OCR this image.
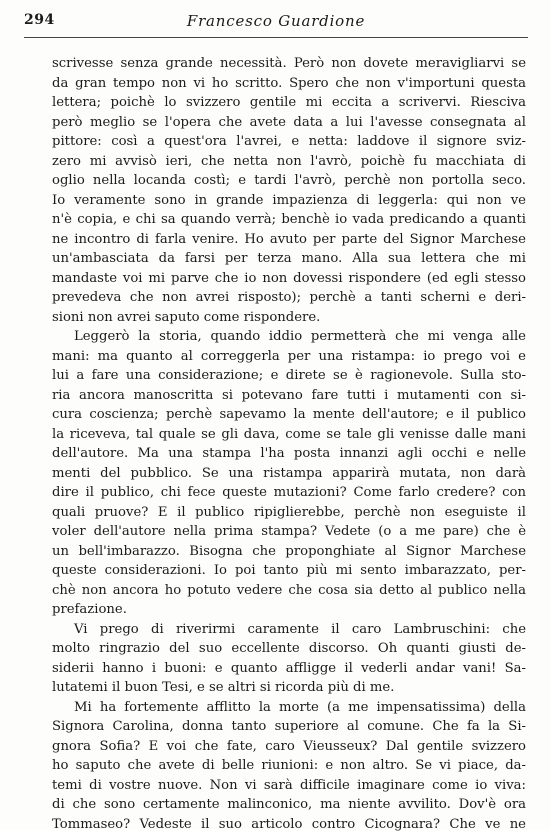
294	Francesco Guardione
scrivesse senza grande necessità. Però non dovete meravigliarvi se
da gran tempo non vi ho scritto. Spero che non v'importuni questa
lettera; poichè lo svizzero gentile mi eccita a scrivervi. Riesciva
però meglio se l'opera che avete data a lui l'avesse consegnata al
pittore: così a quest'ora l'avrei, e netta: laddove il signore sviz-
zero mi avvisò ieri, che netta non l'avrò, poichè fu macchiata di
oglio nella locanda costì; e tardi l'avrò, perchè non portolla seco.
Io veramente sono in grande impazienza di leggerla: qui non ve
n'è copia, e chi sa quando verrà; benchè io vada predicando a quanti
ne incontro di farla venire. Ho avuto per parte del Signor Marchese
un'ambasciata da farsi per terza mano. Alla sua lettera che mi
mandaste voi mi parve che io non dovessi rispondere (ed egli stesso
prevedeva che non avrei risposto); perchè a tanti scherni e deri-
sioni non avrei saputo come rispondere.
Leggerò la storia, quando iddio permetterà che mi venga alle
mani: ma quanto al correggerla per una ristampa: io prego voi e
lui a fare una considerazione; e direte se è ragionevole. Sulla sto-
ria ancora manoscritta si potevano fare tutti i mutamenti con si-
cura coscienza; perchè sapevamo la mente dell'autore; e il publico
la riceveva, tal quale se gli dava, come se tale gli venisse dalle mani
dell'autore. Ma una stampa l'ha posta innanzi agli occhi e nelle
menti del pubblico. Se una ristampa apparirà mutata, non darà
dire il publico, chi fece queste mutazioni? Come farlo credere? con
quali pruove? E il publico ripiglierebbe, perchè non eseguiste il
voler dell'autore nella prima stampa? Vedete (o a me pare) che è
un bell'imbarazzo. Bisogna che proponghiate al Signor Marchese
queste considerazioni. Io poi tanto più mi sento imbarazzato, per-
chè non ancora ho potuto vedere che cosa sia detto al publico nella
prefazione.
Vi prego di riverirmi caramente il caro Lambruschini: che
molto ringrazio del suo eccellente discorso. Oh quanti giusti de-
siderii hanno i buoni: e quanto affligge il vederli andar vani! Sa-
lutatemi il buon Tesi, e se altri si ricorda più di me.
Mi ha fortemente afflitto la morte (a me impensatissima) della
Signora Carolina, donna tanto superiore al comune. Che fa la Si-
gnora Sofia? E voi che fate, caro Vieusseux? Dal gentile svizzero
ho saputo che avete di belle riunioni: e non altro. Se vi piace, da-
temi di vostre nuove. Non vi sarà difficile imaginare come io viva:
di che sono certamente malinconico, ma niente avvilito. Dov'è ora
Tommaseo? Vedeste il suo articolo contro Cicognara? Che ve ne
